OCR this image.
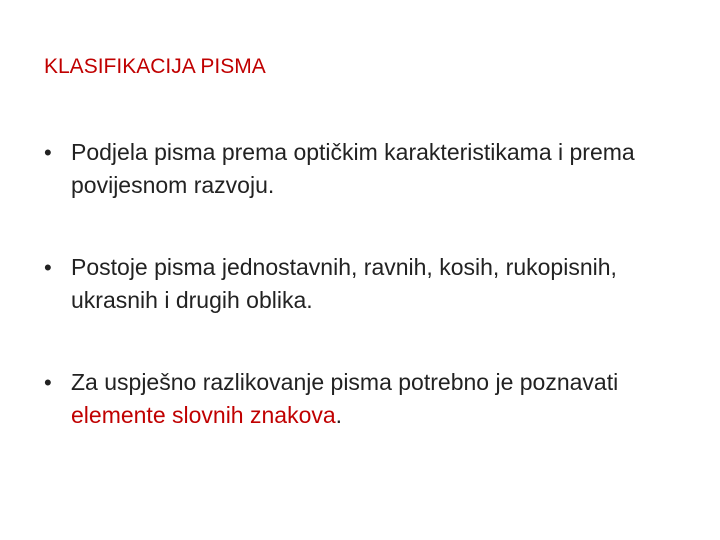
KLASIFIKACIJA PISMA
• Podjela pisma prema optičkim karakteristikama i prema povijesnom razvoju.
• Postoje pisma jednostavnih, ravnih, kosih, rukopisnih, ukrasnih i drugih oblika.
• Za uspješno razlikovanje pisma potrebno je poznavati elemente slovnih znakova.
